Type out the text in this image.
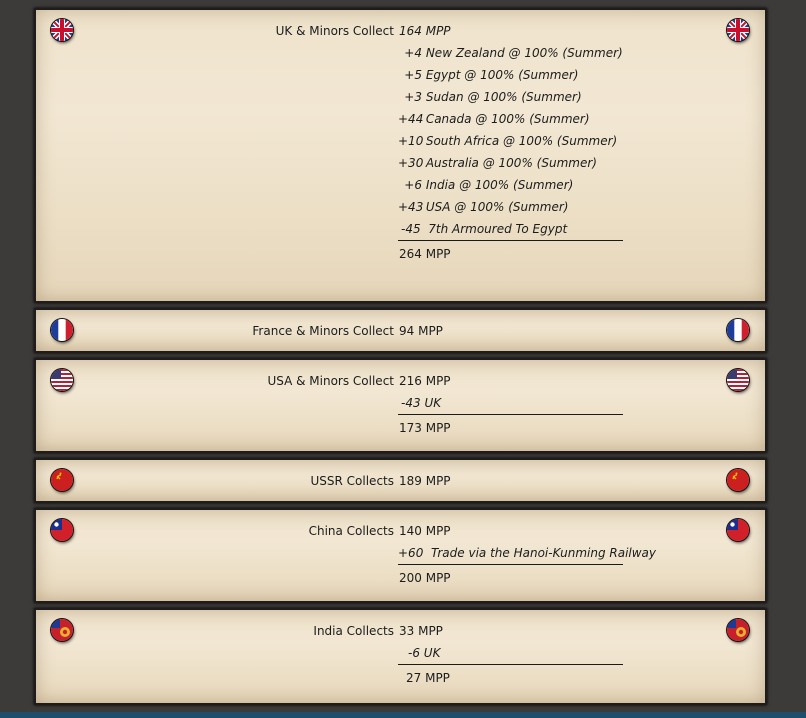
UK & Minors Collect 164 MPP
+4 New Zealand @ 100% (Summer)
+5 Egypt @ 100% (Summer)
+3 Sudan @ 100% (Summer)
+44 Canada @ 100% (Summer)
+10 South Africa @ 100% (Summer)
+30 Australia @ 100% (Summer)
+6 India @ 100% (Summer)
+43 USA @ 100% (Summer)
-45 7th Armoured To Egypt
264 MPP
France & Minors Collect 94 MPP
USA & Minors Collect 216 MPP
-43 UK
173 MPP
USSR Collects 189 MPP
China Collects 140 MPP
+60 Trade via the Hanoi-Kunming Railway
200 MPP
India Collects 33 MPP
-6 UK
27 MPP
